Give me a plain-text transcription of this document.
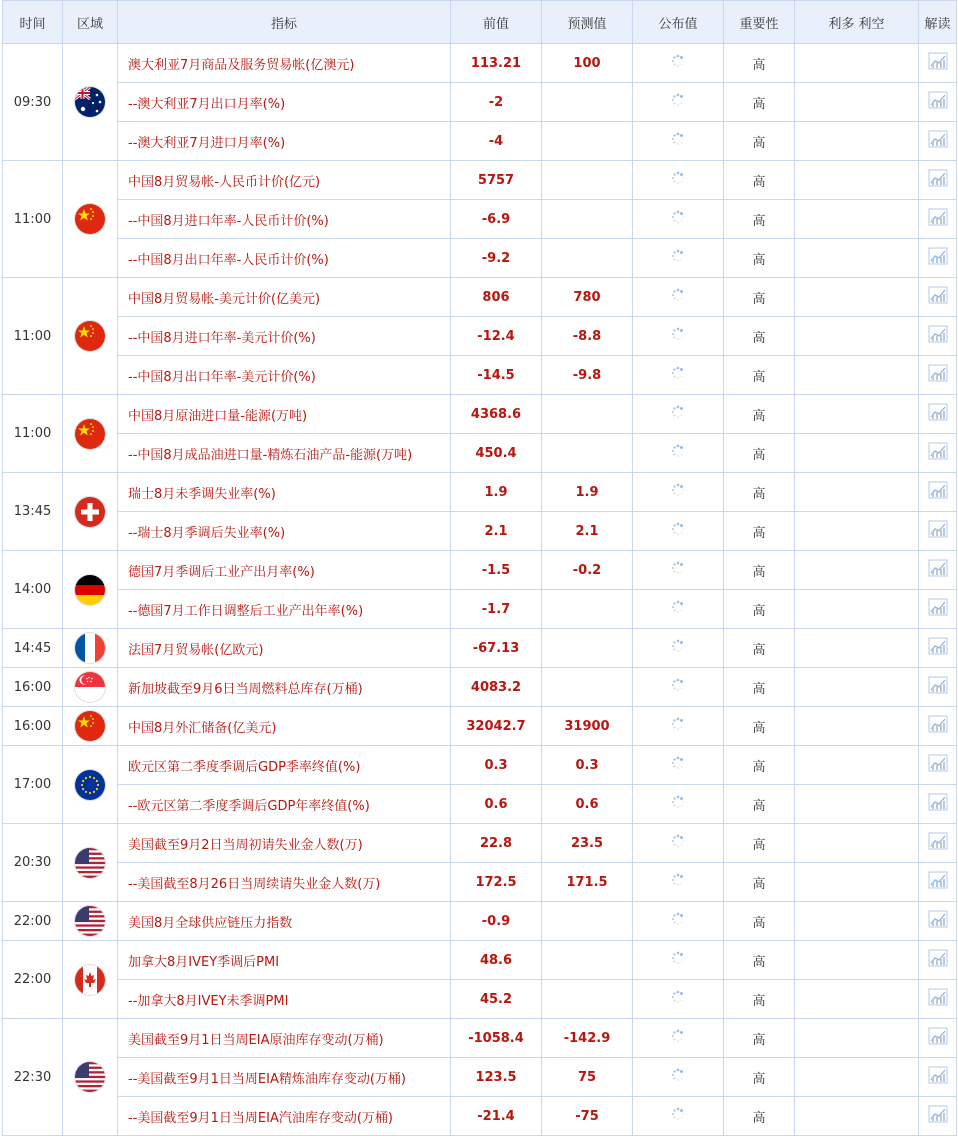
时间	区域	指标	前值	预测值	公布值	重要性	利多 利空	解读
09:30		澳大利亚7月商品及服务贸易帐(亿澳元)	113.21	100		高		

		--澳大利亚7月出口月率(%)	-2			高		

		--澳大利亚7月进口月率(%)	-4			高		

11:00		中国8月贸易帐-人民币计价(亿元)	5757			高		

		--中国8月进口年率-人民币计价(%)	-6.9			高		

		--中国8月出口年率-人民币计价(%)	-9.2			高		

11:00		中国8月贸易帐-美元计价(亿美元)	806	780		高		

		--中国8月进口年率-美元计价(%)	-12.4	-8.8		高		

		--中国8月出口年率-美元计价(%)	-14.5	-9.8		高		

11:00		中国8月原油进口量-能源(万吨)	4368.6			高		

		--中国8月成品油进口量-精炼石油产品-能源(万吨)	450.4			高		

13:45		瑞士8月未季调失业率(%)	1.9	1.9		高		

		--瑞士8月季调后失业率(%)	2.1	2.1		高		

14:00		德国7月季调后工业产出月率(%)	-1.5	-0.2		高		

		--德国7月工作日调整后工业产出年率(%)	-1.7			高		

14:45		法国7月贸易帐(亿欧元)	-67.13			高		

16:00		新加坡截至9月6日当周燃料总库存(万桶)	4083.2			高		

16:00		中国8月外汇储备(亿美元)	32042.7	31900		高		

17:00		欧元区第二季度季调后GDP季率终值(%)	0.3	0.3		高		

		--欧元区第二季度季调后GDP年率终值(%)	0.6	0.6		高		

20:30		美国截至9月2日当周初请失业金人数(万)	22.8	23.5		高		

		--美国截至8月26日当周续请失业金人数(万)	172.5	171.5		高		

22:00		美国8月全球供应链压力指数	-0.9			高		

22:00		加拿大8月IVEY季调后PMI	48.6			高		

		--加拿大8月IVEY未季调PMI	45.2			高		

22:30		美国截至9月1日当周EIA原油库存变动(万桶)	-1058.4	-142.9		高		

		--美国截至9月1日当周EIA精炼油库存变动(万桶)	123.5	75		高		

		--美国截至9月1日当周EIA汽油库存变动(万桶)	-21.4	-75		高		
